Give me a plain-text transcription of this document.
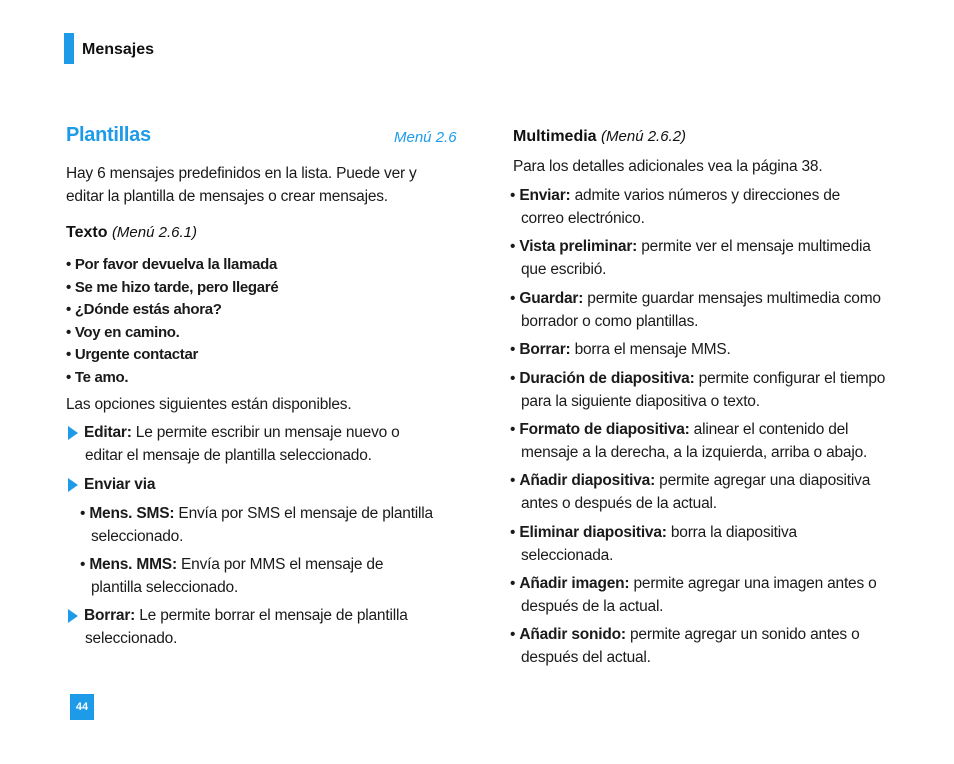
Mensajes
Plantillas	Menú 2.6
Hay 6 mensajes predefinidos en la lista. Puede ver y
editar la plantilla de mensajes o crear mensajes.
Texto (Menú 2.6.1)
• Por favor devuelva la llamada
• Se me hizo tarde, pero llegaré
• ¿Dónde estás ahora?
• Voy en camino.
• Urgente contactar
• Te amo.
Las opciones siguientes están disponibles.
Editar: Le permite escribir un mensaje nuevo o
editar el mensaje de plantilla seleccionado.
Enviar via
• Mens. SMS: Envía por SMS el mensaje de plantilla
seleccionado.
• Mens. MMS: Envía por MMS el mensaje de
plantilla seleccionado.
Borrar: Le permite borrar el mensaje de plantilla
seleccionado.
Multimedia (Menú 2.6.2)
Para los detalles adicionales vea la página 38.
• Enviar: admite varios números y direcciones de
correo electrónico.
• Vista preliminar: permite ver el mensaje multimedia
que escribió.
• Guardar: permite guardar mensajes multimedia como
borrador o como plantillas.
• Borrar: borra el mensaje MMS.
• Duración de diapositiva: permite configurar el tiempo
para la siguiente diapositiva o texto.
• Formato de diapositiva: alinear el contenido del
mensaje a la derecha, a la izquierda, arriba o abajo.
• Añadir diapositiva: permite agregar una diapositiva
antes o después de la actual.
• Eliminar diapositiva: borra la diapositiva
seleccionada.
• Añadir imagen: permite agregar una imagen antes o
después de la actual.
• Añadir sonido: permite agregar un sonido antes o
después del actual.
44
